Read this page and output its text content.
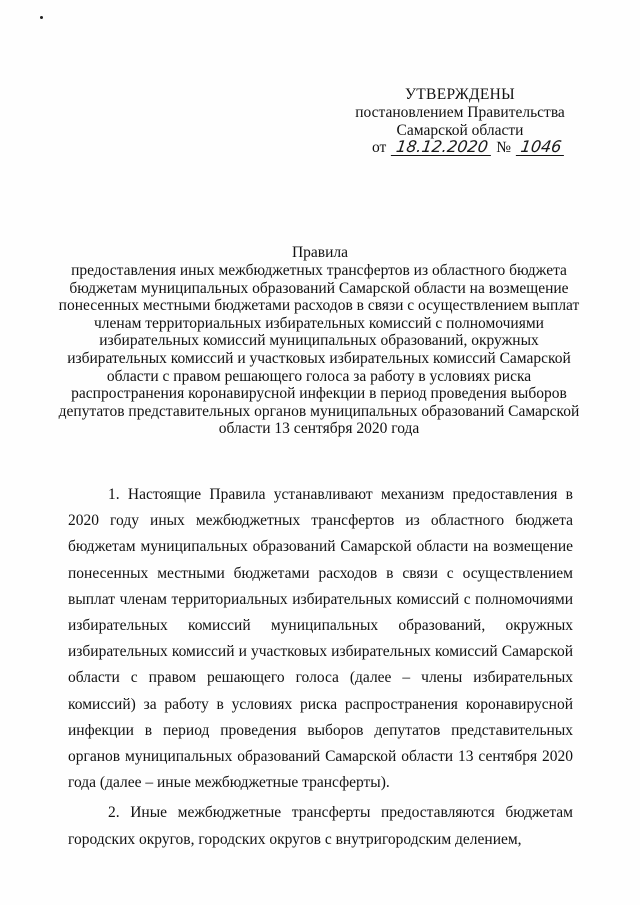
УТВЕРЖДЕНЫ
постановлением Правительства
Самарской области
от 18.12.2020 № 1046
Правила
предоставления иных межбюджетных трансфертов из областного бюджета бюджетам муниципальных образований Самарской области на возмещение понесенных местными бюджетами расходов в связи с осуществлением выплат членам территориальных избирательных комиссий с полномочиями избирательных комиссий муниципальных образований, окружных избирательных комиссий и участковых избирательных комиссий Самарской области с правом решающего голоса за работу в условиях риска распространения коронавирусной инфекции в период проведения выборов депутатов представительных органов муниципальных образований Самарской области 13 сентября 2020 года

1. Настоящие Правила устанавливают механизм предоставления в 2020 году иных межбюджетных трансфертов из областного бюджета бюджетам муниципальных образований Самарской области на возмещение понесенных местными бюджетами расходов в связи с осуществлением выплат членам территориальных избирательных комиссий с полномочиями избирательных комиссий муниципальных образований, окружных избирательных комиссий и участковых избирательных комиссий Самарской области с правом решающего голоса (далее – члены избирательных комиссий) за работу в условиях риска распространения коронавирусной инфекции в период проведения выборов депутатов представительных органов муниципальных образований Самарской области 13 сентября 2020 года (далее – иные межбюджетные трансферты).

2. Иные межбюджетные трансферты предоставляются бюджетам городских округов, городских округов с внутригородским делением,
